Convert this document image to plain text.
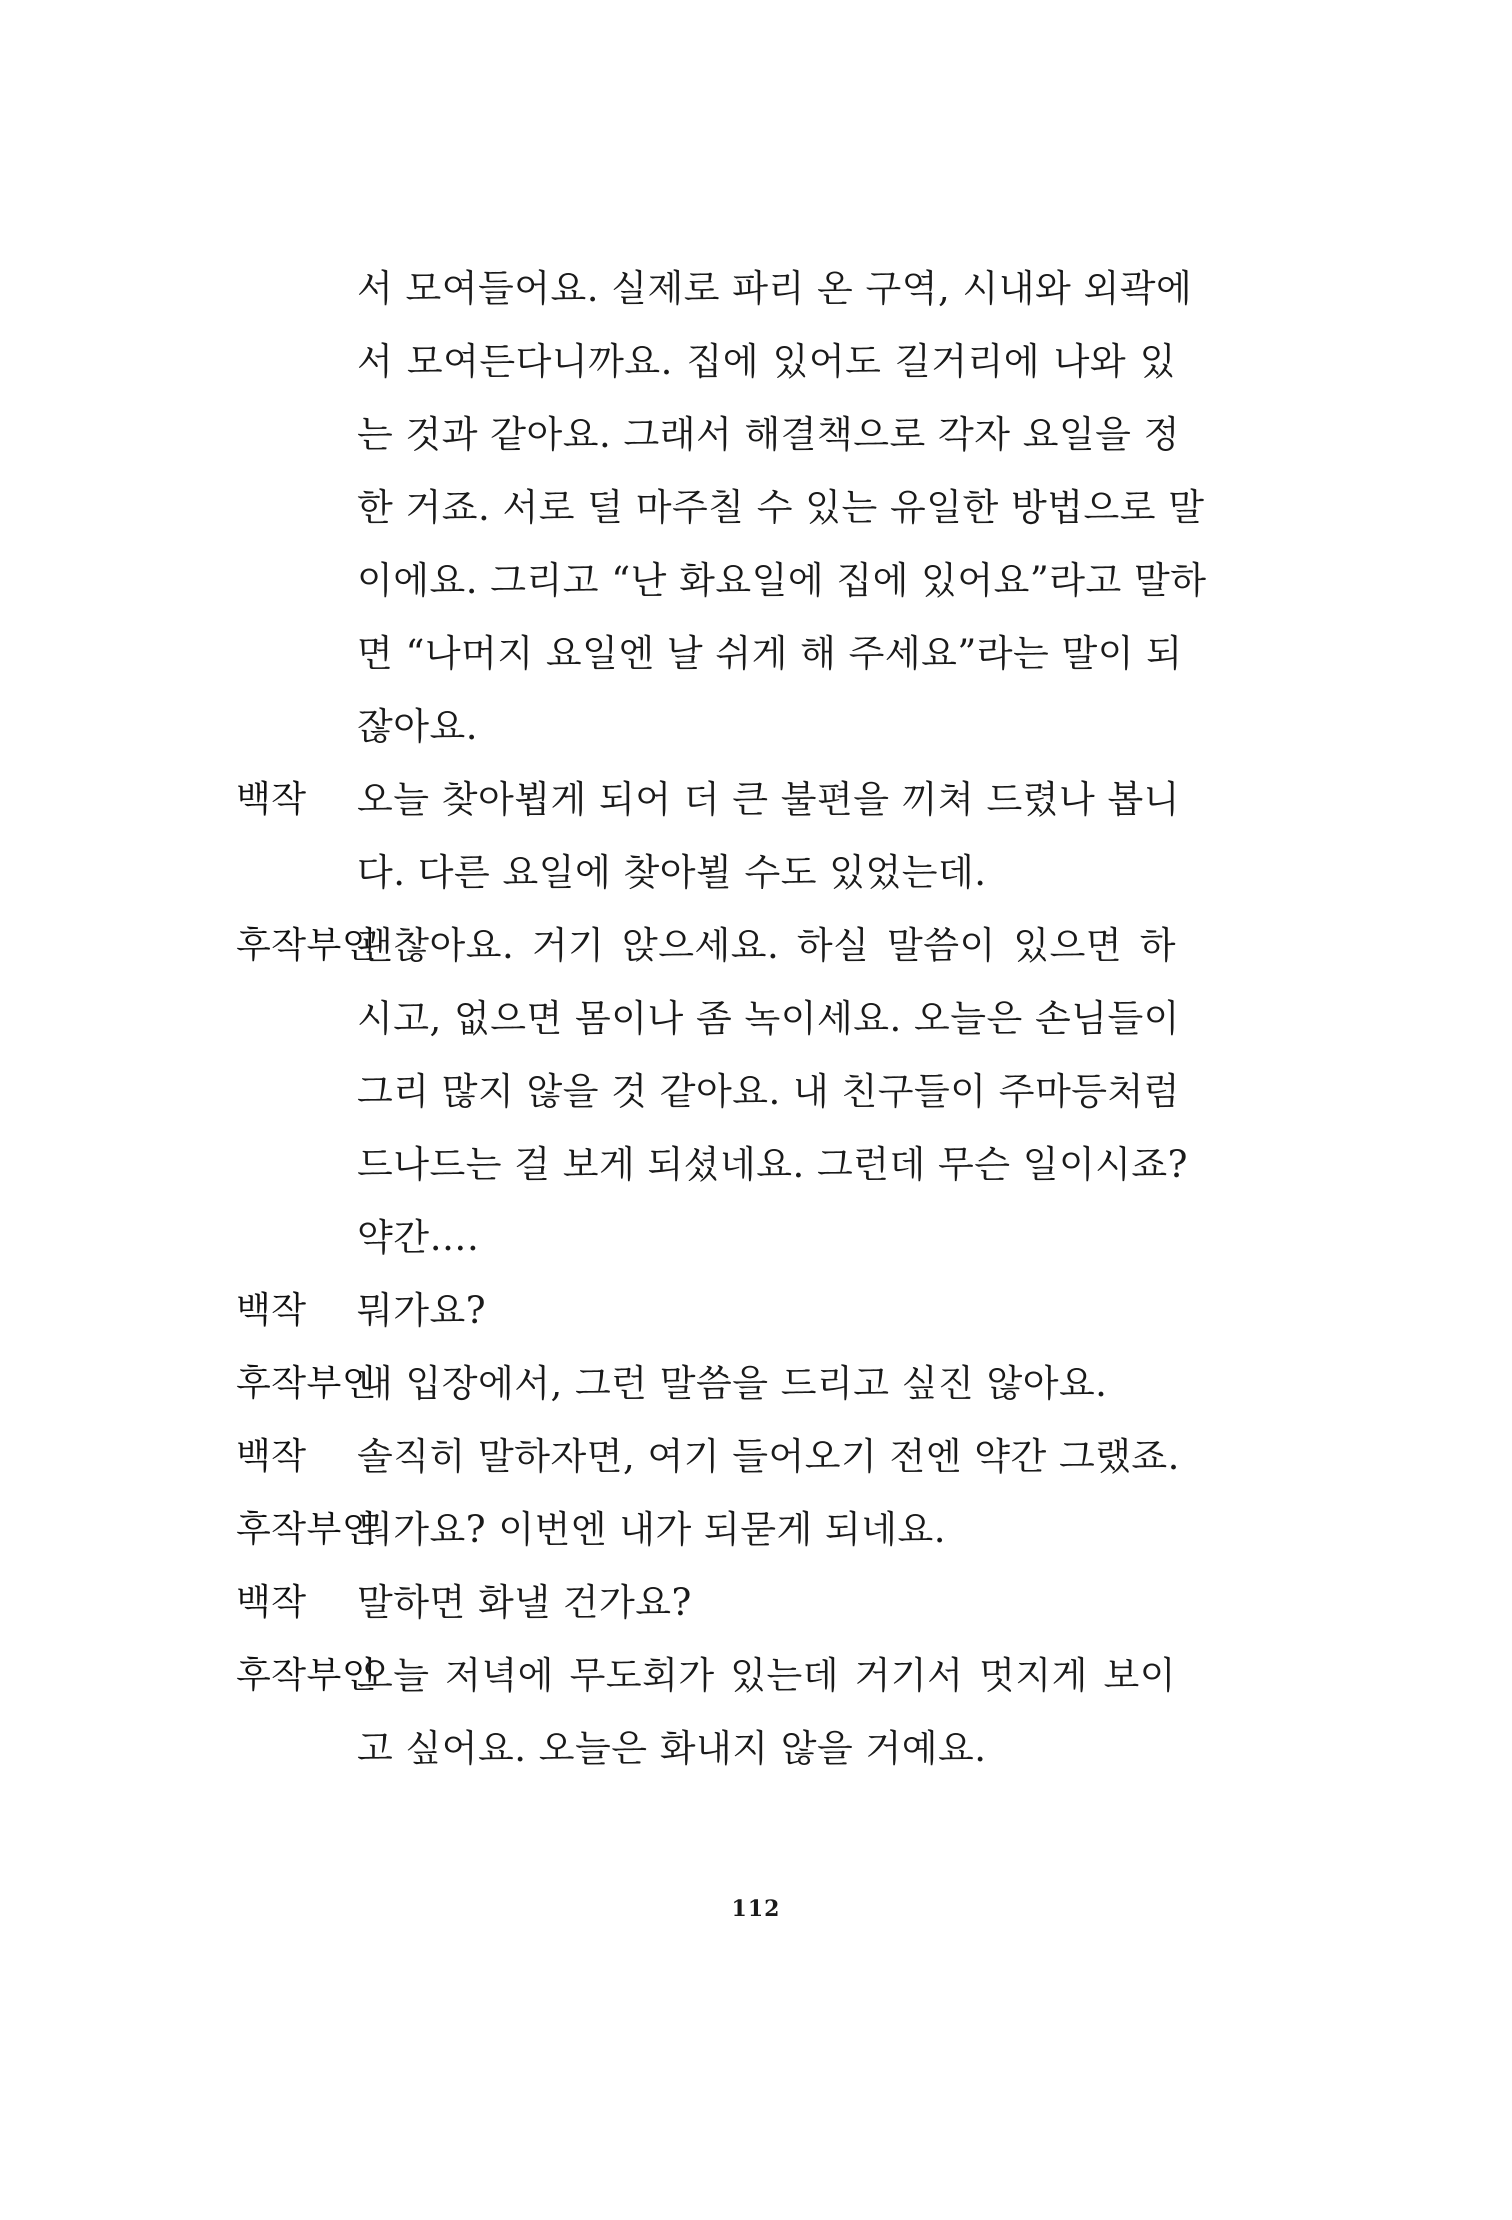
서 모여들어요. 실제로 파리 온 구역, 시내와 외곽에
서 모여든다니까요. 집에 있어도 길거리에 나와 있
는 것과 같아요. 그래서 해결책으로 각자 요일을 정
한 거죠. 서로 덜 마주칠 수 있는 유일한 방법으로 말
이에요. 그리고 “난 화요일에 집에 있어요”라고 말하
면 “나머지 요일엔 날 쉬게 해 주세요”라는 말이 되
잖아요.
백작 오늘 찾아뵙게 되어 더 큰 불편을 끼쳐 드렸나 봅니
다. 다른 요일에 찾아뵐 수도 있었는데.
후작부인
괜찮아요. 거기 앉으세요. 하실 말씀이 있으면 하
시고, 없으면 몸이나 좀 녹이세요. 오늘은 손님들이
그리 많지 않을 것 같아요. 내 친구들이 주마등처럼
드나드는 걸 보게 되셨네요. 그런데 무슨 일이시죠?
약간….
백작 뭐가요?
후작부인
내 입장에서, 그런 말씀을 드리고 싶진 않아요.
백작 솔직히 말하자면, 여기 들어오기 전엔 약간 그랬죠.
후작부인
뭐가요? 이번엔 내가 되묻게 되네요.
백작 말하면 화낼 건가요?
후작부인
오늘 저녁에 무도회가 있는데 거기서 멋지게 보이
고 싶어요. 오늘은 화내지 않을 거예요.
112
